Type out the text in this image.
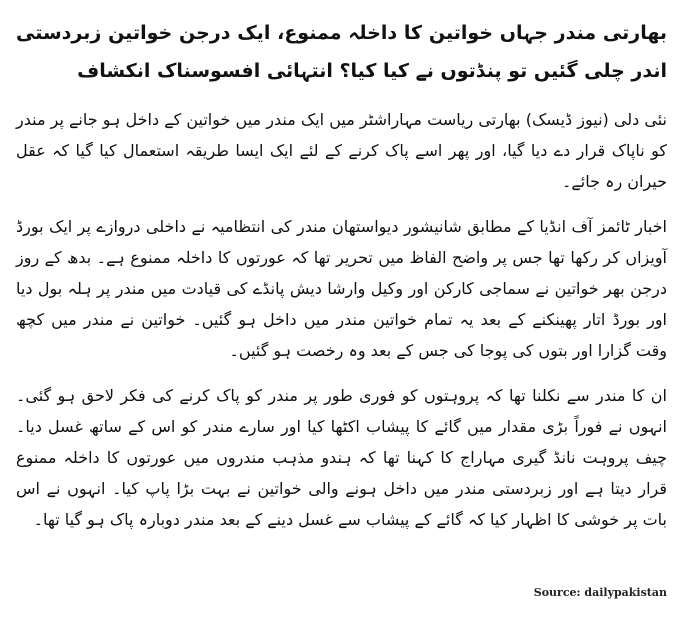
بھارتی مندر جہاں خواتین کا داخلہ ممنوع، ایک درجن خواتین زبردستی اندر چلی گئیں تو پنڈتوں نے کیا کیا؟ انتہائی افسوسناک انکشاف

نئی دلی (نیوز ڈیسک) بھارتی ریاست مہاراشٹر میں ایک مندر میں خواتین کے داخل ہو جانے پر مندر کو ناپاک قرار دے دیا گیا، اور پھر اسے پاک کرنے کے لئے ایک ایسا طریقہ استعمال کیا گیا کہ عقل حیران رہ جائے۔

اخبار ٹائمز آف انڈیا کے مطابق شانیشور دیواستھان مندر کی انتظامیہ نے داخلی دروازے پر ایک بورڈ آویزاں کر رکھا تھا جس پر واضح الفاظ میں تحریر تھا کہ عورتوں کا داخلہ ممنوع ہے۔ بدھ کے روز درجن بھر خواتین نے سماجی کارکن اور وکیل وارشا دیش پانڈے کی قیادت میں مندر پر ہلہ بول دیا اور بورڈ اتار پھینکنے کے بعد یہ تمام خواتین مندر میں داخل ہو گئیں۔ خواتین نے مندر میں کچھ وقت گزارا اور بتوں کی پوجا کی جس کے بعد وہ رخصت ہو گئیں۔

ان کا مندر سے نکلنا تھا کہ پروہتوں کو فوری طور پر مندر کو پاک کرنے کی فکر لاحق ہو گئی۔ انہوں نے فوراً بڑی مقدار میں گائے کا پیشاب اکٹھا کیا اور سارے مندر کو اس کے ساتھ غسل دیا۔ چیف پروہت نانڈ گیری مہاراج کا کہنا تھا کہ ہندو مذہب مندروں میں عورتوں کا داخلہ ممنوع قرار دیتا ہے اور زبردستی مندر میں داخل ہونے والی خواتین نے بہت بڑا پاپ کیا۔ انہوں نے اس بات پر خوشی کا اظہار کیا کہ گائے کے پیشاب سے غسل دینے کے بعد مندر دوبارہ پاک ہو گیا تھا۔

Source: dailypakistan
